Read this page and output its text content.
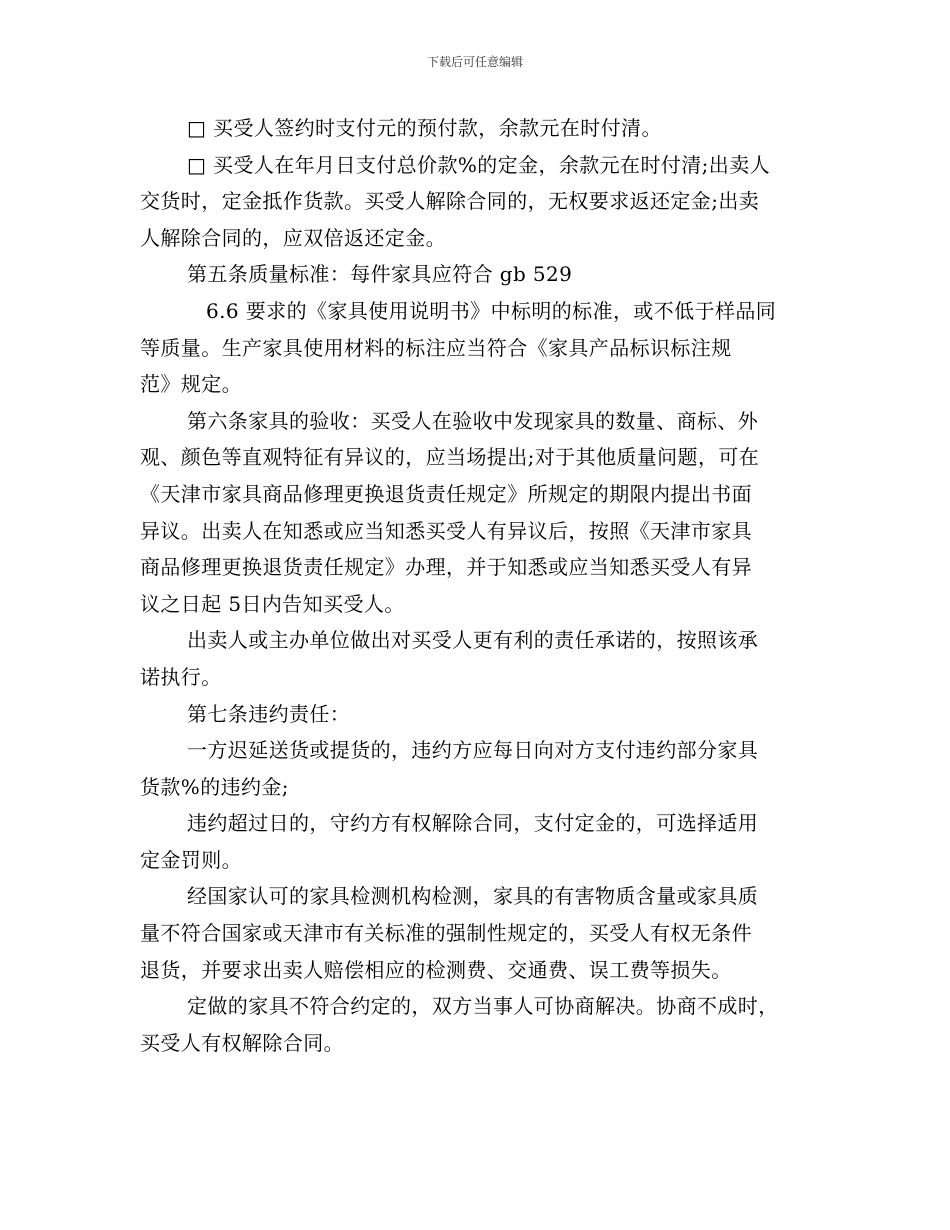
下载后可任意编辑
□ 买受人签约时支付元的预付款，余款元在时付清。
□ 买受人在年月日支付总价款%的定金，余款元在时付清;出卖人
交货时，定金抵作货款。买受人解除合同的，无权要求返还定金;出卖
人解除合同的，应双倍返还定金。
第五条质量标准：每件家具应符合 gb 529
6.6 要求的《家具使用说明书》中标明的标准，或不低于样品同
等质量。生产家具使用材料的标注应当符合《家具产品标识标注规
范》规定。
第六条家具的验收：买受人在验收中发现家具的数量、商标、外
观、颜色等直观特征有异议的，应当场提出;对于其他质量问题，可在
《天津市家具商品修理更换退货责任规定》所规定的期限内提出书面
异议。出卖人在知悉或应当知悉买受人有异议后，按照《天津市家具
商品修理更换退货责任规定》办理，并于知悉或应当知悉买受人有异
议之日起 5日内告知买受人。
出卖人或主办单位做出对买受人更有利的责任承诺的，按照该承
诺执行。
第七条违约责任：
一方迟延送货或提货的，违约方应每日向对方支付违约部分家具
货款%的违约金;
违约超过日的，守约方有权解除合同，支付定金的，可选择适用
定金罚则。
经国家认可的家具检测机构检测，家具的有害物质含量或家具质
量不符合国家或天津市有关标准的强制性规定的，买受人有权无条件
退货，并要求出卖人赔偿相应的检测费、交通费、误工费等损失。
定做的家具不符合约定的，双方当事人可协商解决。协商不成时，
买受人有权解除合同。
